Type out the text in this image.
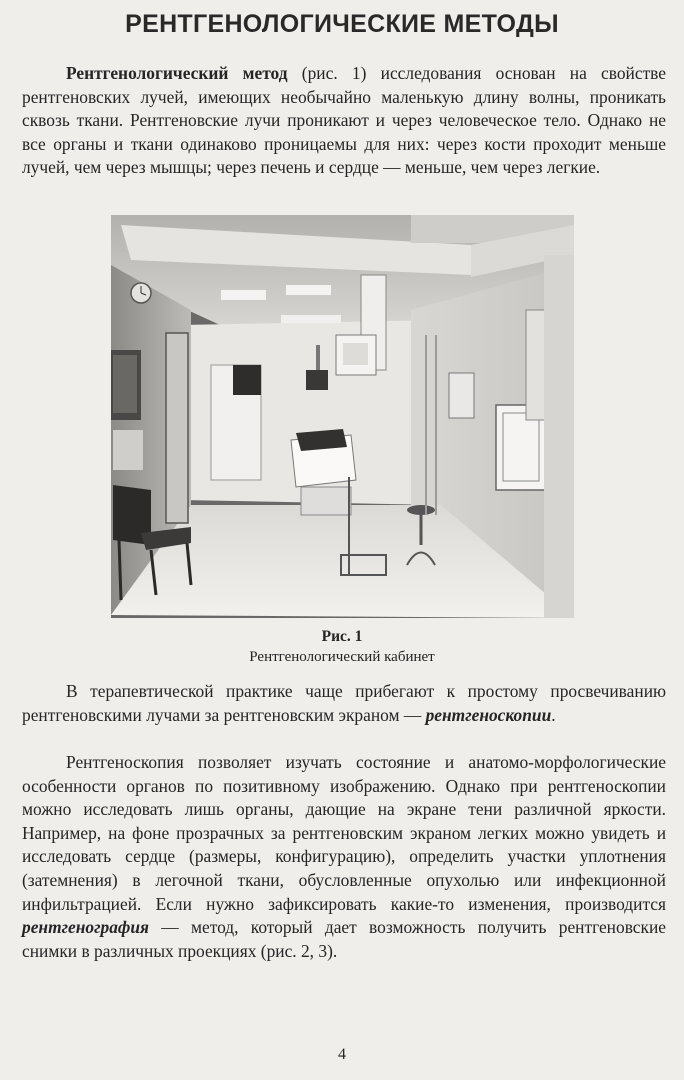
РЕНТГЕНОЛОГИЧЕСКИЕ МЕТОДЫ

Рентгенологический метод (рис. 1) исследования основан на свойстве рентгеновских лучей, имеющих необычайно маленькую длину волны, проникать сквозь ткани. Рентгеновские лучи проникают и через человеческое тело. Однако не все органы и ткани одинаково проницаемы для них: через кости проходит меньше лучей, чем через мышцы; через печень и сердце — меньше, чем через легкие.

Рис. 1
Рентгенологический кабинет

В терапевтической практике чаще прибегают к простому просвечиванию рентгеновскими лучами за рентгеновским экраном — рентгеноскопии.

Рентгеноскопия позволяет изучать состояние и анатомо-морфологические особенности органов по позитивному изображению. Однако при рентгеноскопии можно исследовать лишь органы, дающие на экране тени различной яркости. Например, на фоне прозрачных за рентгеновским экраном легких можно увидеть и исследовать сердце (размеры, конфигурацию), определить участки уплотнения (затемнения) в легочной ткани, обусловленные опухолью или инфекционной инфильтрацией. Если нужно зафиксировать какие-то изменения, производится рентгенография — метод, который дает возможность получить рентгеновские снимки в различных проекциях (рис. 2, 3).

4
